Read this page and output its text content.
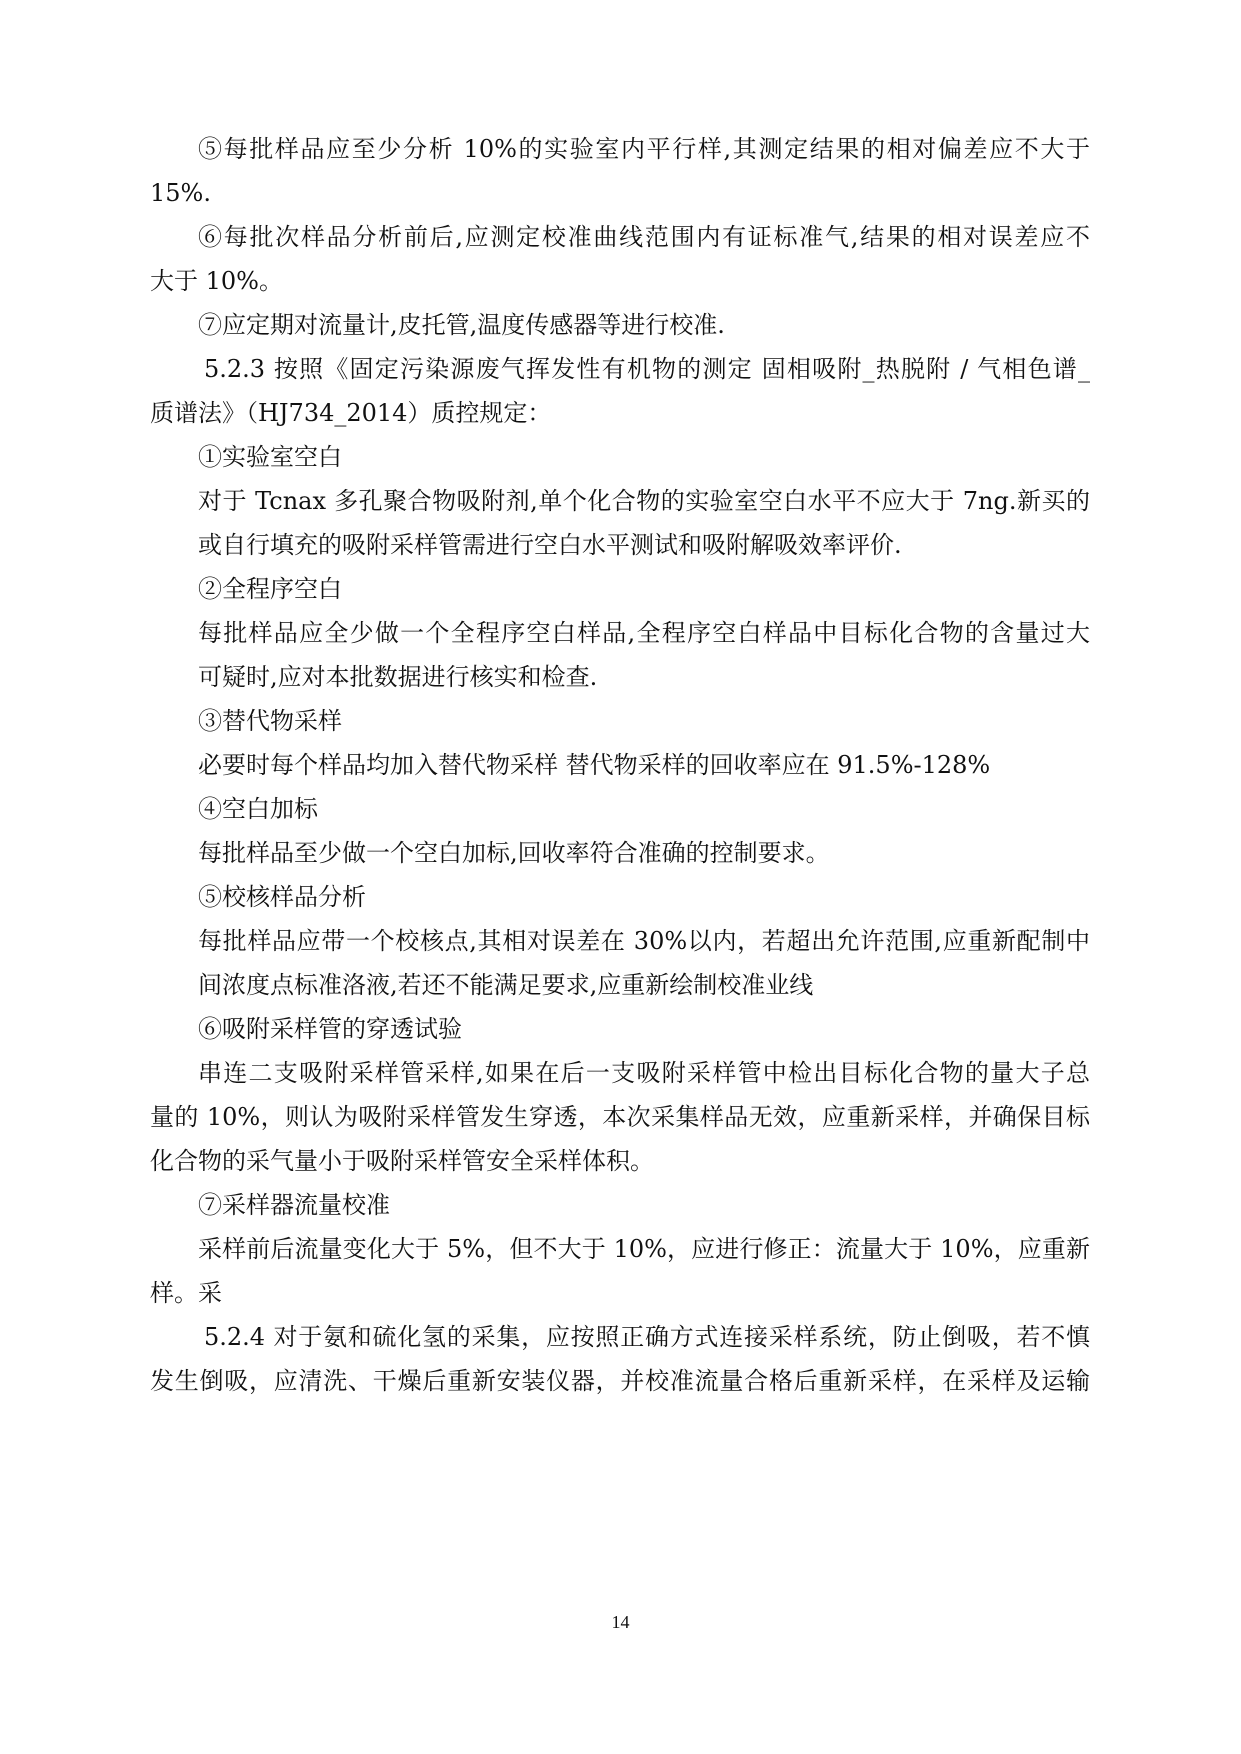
⑤每批样品应至少分析 10%的实验室内平行样,其测定结果的相对偏差应不大于
15%.
⑥每批次样品分析前后,应测定校准曲线范围内有证标准气,结果的相对误差应不
大于 10%。
⑦应定期对流量计,皮托管,温度传感器等进行校准.
5.2.3 按照《固定污染源废气挥发性有机物的测定 固相吸附_热脱附 / 气相色谱_
质谱法》（HJ734_2014）质控规定：
①实验室空白
对于 Tcnax 多孔聚合物吸附剂,单个化合物的实验室空白水平不应大于 7ng.新买的
或自行填充的吸附采样管需进行空白水平测试和吸附解吸效率评价.
②全程序空白
每批样品应全少做一个全程序空白样品,全程序空白样品中目标化合物的含量过大
可疑时,应对本批数据进行核实和检查.
③替代物采样
必要时每个样品均加入替代物采样 替代物采样的回收率应在 91.5%-128%
④空白加标
每批样品至少做一个空白加标,回收率符合准确的控制要求。
⑤校核样品分析
每批样品应带一个校核点,其相对误差在 30%以内，若超出允许范围,应重新配制中
间浓度点标准洛液,若还不能满足要求,应重新绘制校准业线
⑥吸附采样管的穿透试验
串连二支吸附采样管采样,如果在后一支吸附采样管中检出目标化合物的量大子总
量的 10%，则认为吸附采样管发生穿透，本次采集样品无效，应重新采样，并确保目标
化合物的采气量小于吸附采样管安全采样体积。
⑦采样器流量校准
采样前后流量变化大于 5%，但不大于 10%，应进行修正：流量大于 10%，应重新采
样。
5.2.4 对于氨和硫化氢的采集，应按照正确方式连接采样系统，防止倒吸，若不慎
发生倒吸，应清洗、干燥后重新安装仪器，并校准流量合格后重新采样，在采样及运输
14
